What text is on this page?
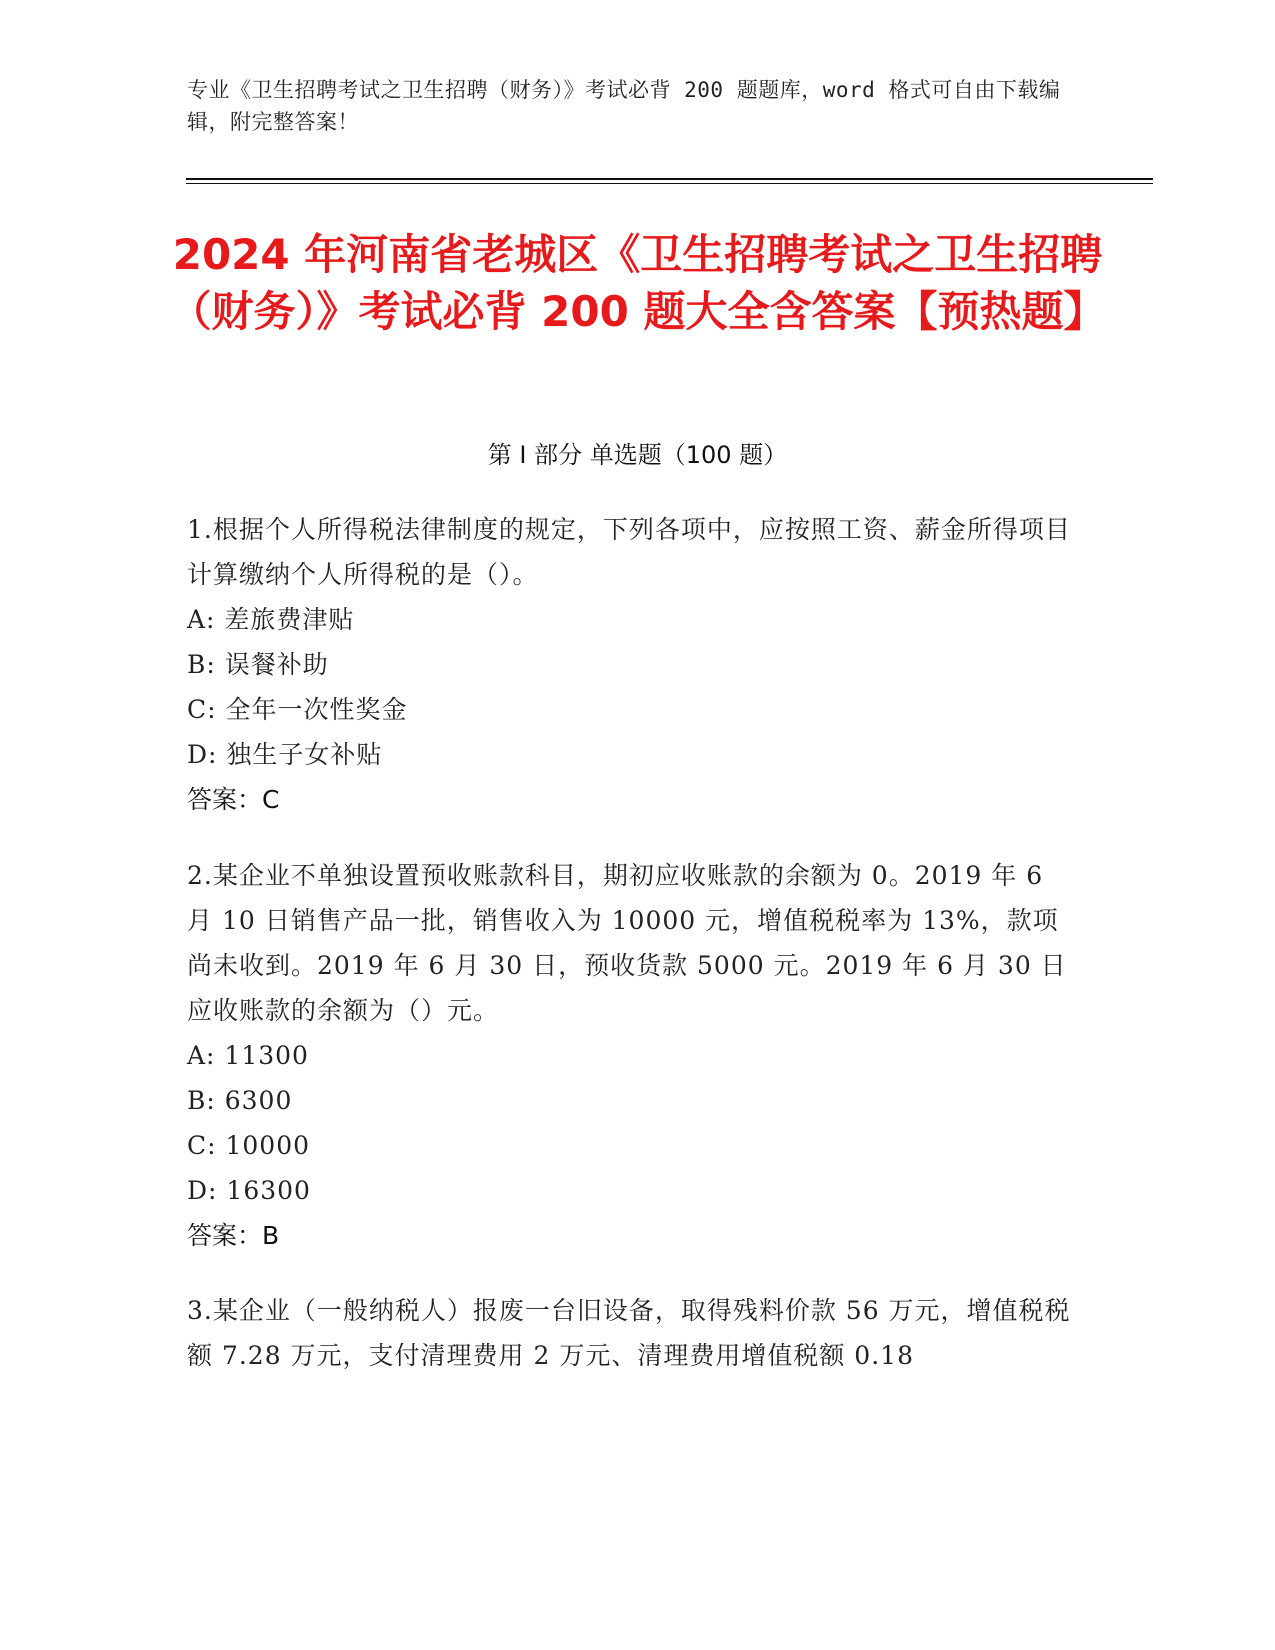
专业《卫生招聘考试之卫生招聘（财务）》考试必背 200 题题库，word 格式可自由下载编辑，附完整答案！
2024 年河南省老城区《卫生招聘考试之卫生招聘（财务）》考试必背 200 题大全含答案【预热题】
第 I 部分 单选题（100 题）
1.根据个人所得税法律制度的规定，下列各项中，应按照工资、薪金所得项目计算缴纳个人所得税的是（）。
A: 差旅费津贴
B: 误餐补助
C: 全年一次性奖金
D: 独生子女补贴
答案：C
2.某企业不单独设置预收账款科目，期初应收账款的余额为 0。2019 年 6 月 10 日销售产品一批，销售收入为 10000 元，增值税税率为 13%，款项尚未收到。2019 年 6 月 30 日，预收货款 5000 元。2019 年 6 月 30 日应收账款的余额为（）元。
A: 11300
B: 6300
C: 10000
D: 16300
答案：B
3.某企业（一般纳税人）报废一台旧设备，取得残料价款 56 万元，增值税税额 7.28 万元，支付清理费用 2 万元、清理费用增值税额 0.18
